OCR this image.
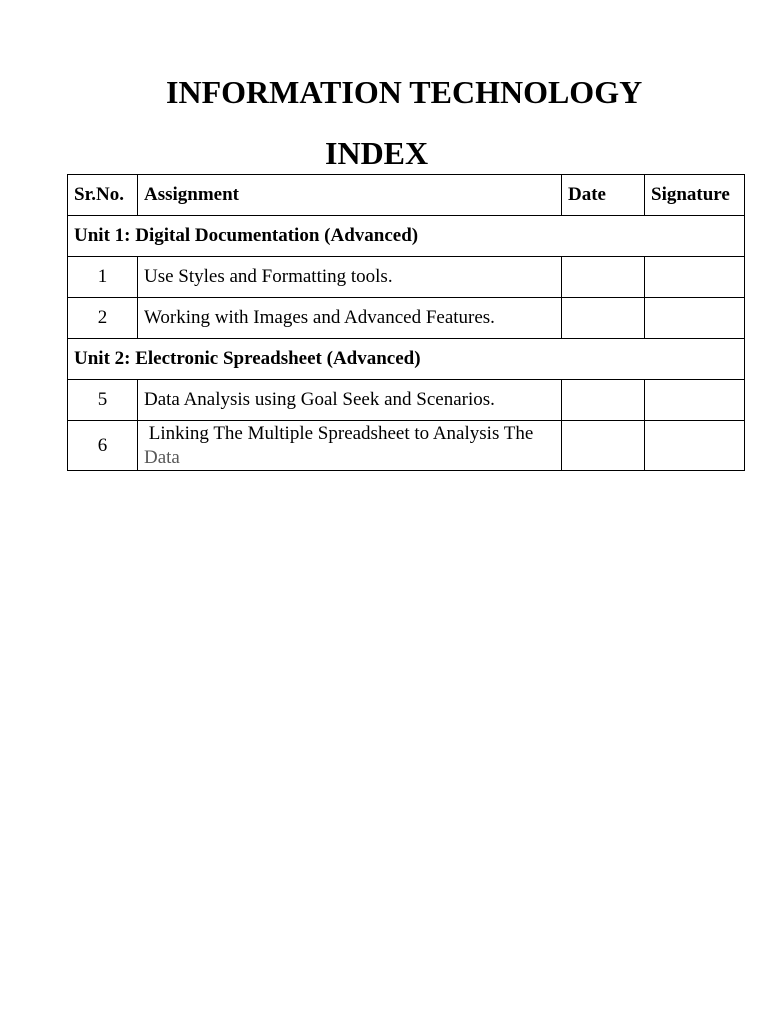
INFORMATION TECHNOLOGY
INDEX
Sr.No.	Assignment	Date	Signature
Unit 1: Digital Documentation (Advanced)			
1	Use Styles and Formatting tools.		
2	Working with Images and Advanced Features.		
Unit 2: Electronic Spreadsheet (Advanced)			
5	Data Analysis using Goal Seek and Scenarios.		
6	Linking The Multiple Spreadsheet to Analysis The Data		
